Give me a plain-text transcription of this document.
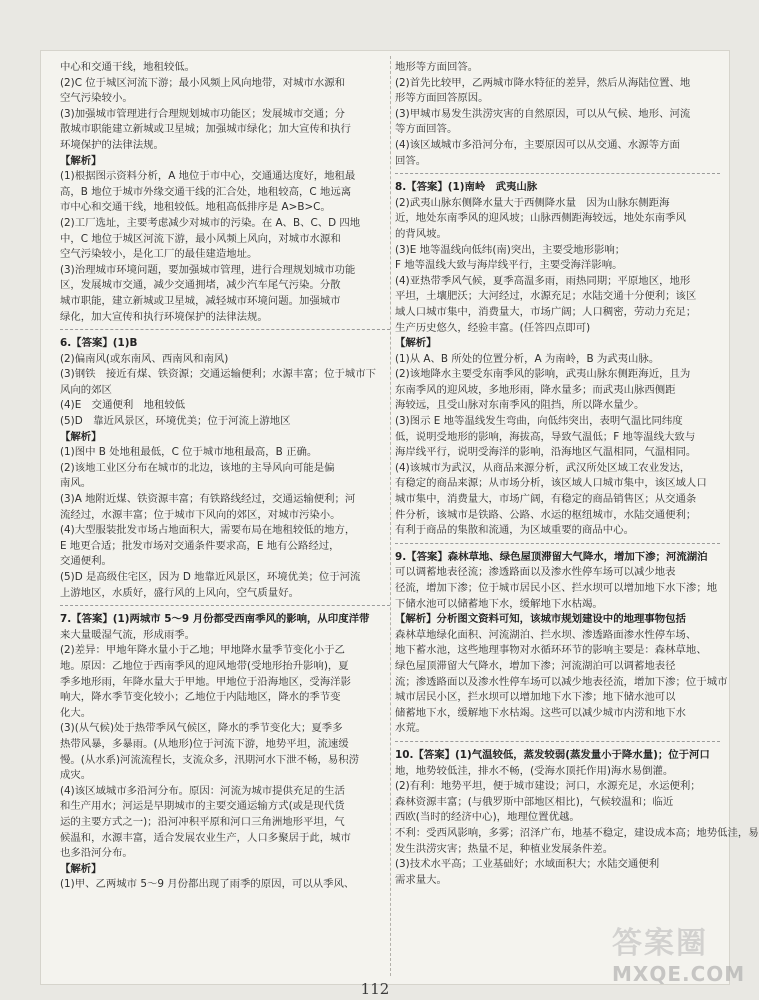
中心和交通干线，地租较低。
(2)C 位于城区河流下游；最小风频上风向地带，对城市水源和
空气污染较小。
(3)加强城市管理进行合理规划城市功能区；发展城市交通；分
散城市职能建立新城或卫星城；加强城市绿化；加大宣传和执行
环境保护的法律法规。
【解析】
(1)根据图示资料分析，A 地位于市中心，交通通达度好，地租最
高，B 地位于城市外缘交通干线的汇合处，地租较高，C 地远离
市中心和交通干线，地租较低。地租高低排序是 A>B>C。
(2)工厂选址，主要考虑减少对城市的污染。在 A、B、C、D 四地
中，C 地位于城区河流下游，最小风频上风向，对城市水源和
空气污染较小，是化工厂的最佳建造地址。
(3)治理城市环境问题，要加强城市管理，进行合理规划城市功能
区，发展城市交通，减少交通拥堵，减少汽车尾气污染。分散
城市职能，建立新城或卫星城，减轻城市环境问题。加强城市
绿化，加大宣传和执行环境保护的法律法规。
6.【答案】(1)B
(2)偏南风(或东南风、西南风和南风)
(3)钢铁　接近有煤、铁资源；交通运输便利；水源丰富；位于城市下
风向的郊区
(4)E　交通便利　地租较低
(5)D　靠近风景区，环境优美；位于河流上游地区
【解析】
(1)图中 B 处地租最低，C 位于城市地租最高，B 正确。
(2)该地工业区分布在城市的北边，该地的主导风向可能是偏
南风。
(3)A 地附近煤、铁资源丰富；有铁路线经过，交通运输便利；河
流经过，水源丰富；位于城市下风向的郊区，对城市污染小。
(4)大型服装批发市场占地面积大，需要布局在地租较低的地方，
E 地更合适；批发市场对交通条件要求高，E 地有公路经过，
交通便利。
(5)D 是高级住宅区，因为 D 地靠近风景区，环境优美；位于河流
上游地区，水质好，盛行风的上风向，空气质量好。
7.【答案】(1)两城市 5～9 月份都受西南季风的影响，从印度洋带
来大量暖湿气流，形成雨季。
(2)差异：甲地年降水量小于乙地；甲地降水量季节变化小于乙
地。原因：乙地位于西南季风的迎风地带(受地形抬升影响)，夏
季多地形雨，年降水量大于甲地。甲地位于沿海地区，受海洋影
响大，降水季节变化较小；乙地位于内陆地区，降水的季节变
化大。
(3)(从气候)处于热带季风气候区，降水的季节变化大；夏季多
热带风暴，多暴雨。(从地形)位于河流下游，地势平坦，流速缓
慢。(从水系)河流流程长，支流众多，汛期河水下泄不畅，易积涝
成灾。
(4)该区域城市多沿河分布。原因：河流为城市提供充足的生活
和生产用水；河运是早期城市的主要交通运输方式(或是现代货
运的主要方式之一)；沿河冲积平原和河口三角洲地形平坦，气
候温和，水源丰富，适合发展农业生产，人口多聚居于此，城市
也多沿河分布。
【解析】
(1)甲、乙两城市 5～9 月份都出现了雨季的原因，可以从季风、
地形等方面回答。
(2)首先比较甲，乙两城市降水特征的差异，然后从海陆位置、地
形等方面回答原因。
(3)甲城市易发生洪涝灾害的自然原因，可以从气候、地形、河流
等方面回答。
(4)该区域城市多沿河分布，主要原因可以从交通、水源等方面
回答。
8.【答案】(1)南岭　武夷山脉
(2)武夷山脉东侧降水量大于西侧降水量　因为山脉东侧距海
近，地处东南季风的迎风坡；山脉西侧距海较远，地处东南季风
的背风坡。
(3)E 地等温线向低纬(南)突出，主要受地形影响；
F 地等温线大致与海岸线平行，主要受海洋影响。
(4)亚热带季风气候，夏季高温多雨，雨热同期；平原地区，地形
平坦，土壤肥沃；大河经过，水源充足；水陆交通十分便利；该区
域人口城市集中，消费量大，市场广阔；人口稠密，劳动力充足；
生产历史悠久，经验丰富。(任答四点即可)
【解析】
(1)从 A、B 所处的位置分析，A 为南岭，B 为武夷山脉。
(2)该地降水主要受东南季风的影响，武夷山脉东侧距海近，且为
东南季风的迎风坡，多地形雨，降水量多；而武夷山脉西侧距
海较远，且受山脉对东南季风的阻挡，所以降水量少。
(3)图示 E 地等温线发生弯曲，向低纬突出，表明气温比同纬度
低，说明受地形的影响，海拔高，导致气温低；F 地等温线大致与
海岸线平行，说明受海洋的影响，沿海地区气温相同，气温相同。
(4)该城市为武汉，从商品来源分析，武汉所处区域工农业发达，
有稳定的商品来源；从市场分析，该区域人口城市集中，该区域人口
城市集中，消费量大，市场广阔，有稳定的商品销售区；从交通条
件分析，该城市是铁路、公路、水运的枢纽城市，水陆交通便利；
有利于商品的集散和流通，为区域重要的商品中心。
9.【答案】森林草地、绿色屋顶滞留大气降水，增加下渗；河流湖泊
可以调蓄地表径流；渗透路面以及渗水性停车场可以减少地表
径流，增加下渗；位于城市居民小区、拦水坝可以增加地下水下渗；地
下储水池可以储蓄地下水，缓解地下水枯竭。
【解析】分析图文资料可知，该城市规划建设中的地理事物包括
森林草地绿化面积、河流湖泊、拦水坝、渗透路面渗水性停车场、
地下蓄水池，这些地理事物对水循环环节的影响主要是：森林草地、
绿色屋顶滞留大气降水，增加下渗；河流湖泊可以调蓄地表径
流；渗透路面以及渗水性停车场可以减少地表径流，增加下渗；位于城市
城市居民小区，拦水坝可以增加地下水下渗；地下储水池可以
储蓄地下水，缓解地下水枯竭。这些可以减少城市内涝和地下水
水荒。
10.【答案】(1)气温较低，蒸发较弱(蒸发量小于降水量)；位于河口
地，地势较低洼，排水不畅，(受海水顶托作用)海水易倒灌。
(2)有利：地势平坦，便于城市建设；河口，水源充足，水运便利；
森林资源丰富；(与俄罗斯中部地区相比)，气候较温和；临近
西欧(当时的经济中心)，地理位置优越。
不利：受西风影响，多雾；沼泽广布，地基不稳定，建设成本高；地势低洼，易
发生洪涝灾害；热量不足，种植业发展条件差。
(3)技术水平高；工业基础好；水域面积大；水陆交通便利
需求量大。
112
答案圈
MXQE.COM
